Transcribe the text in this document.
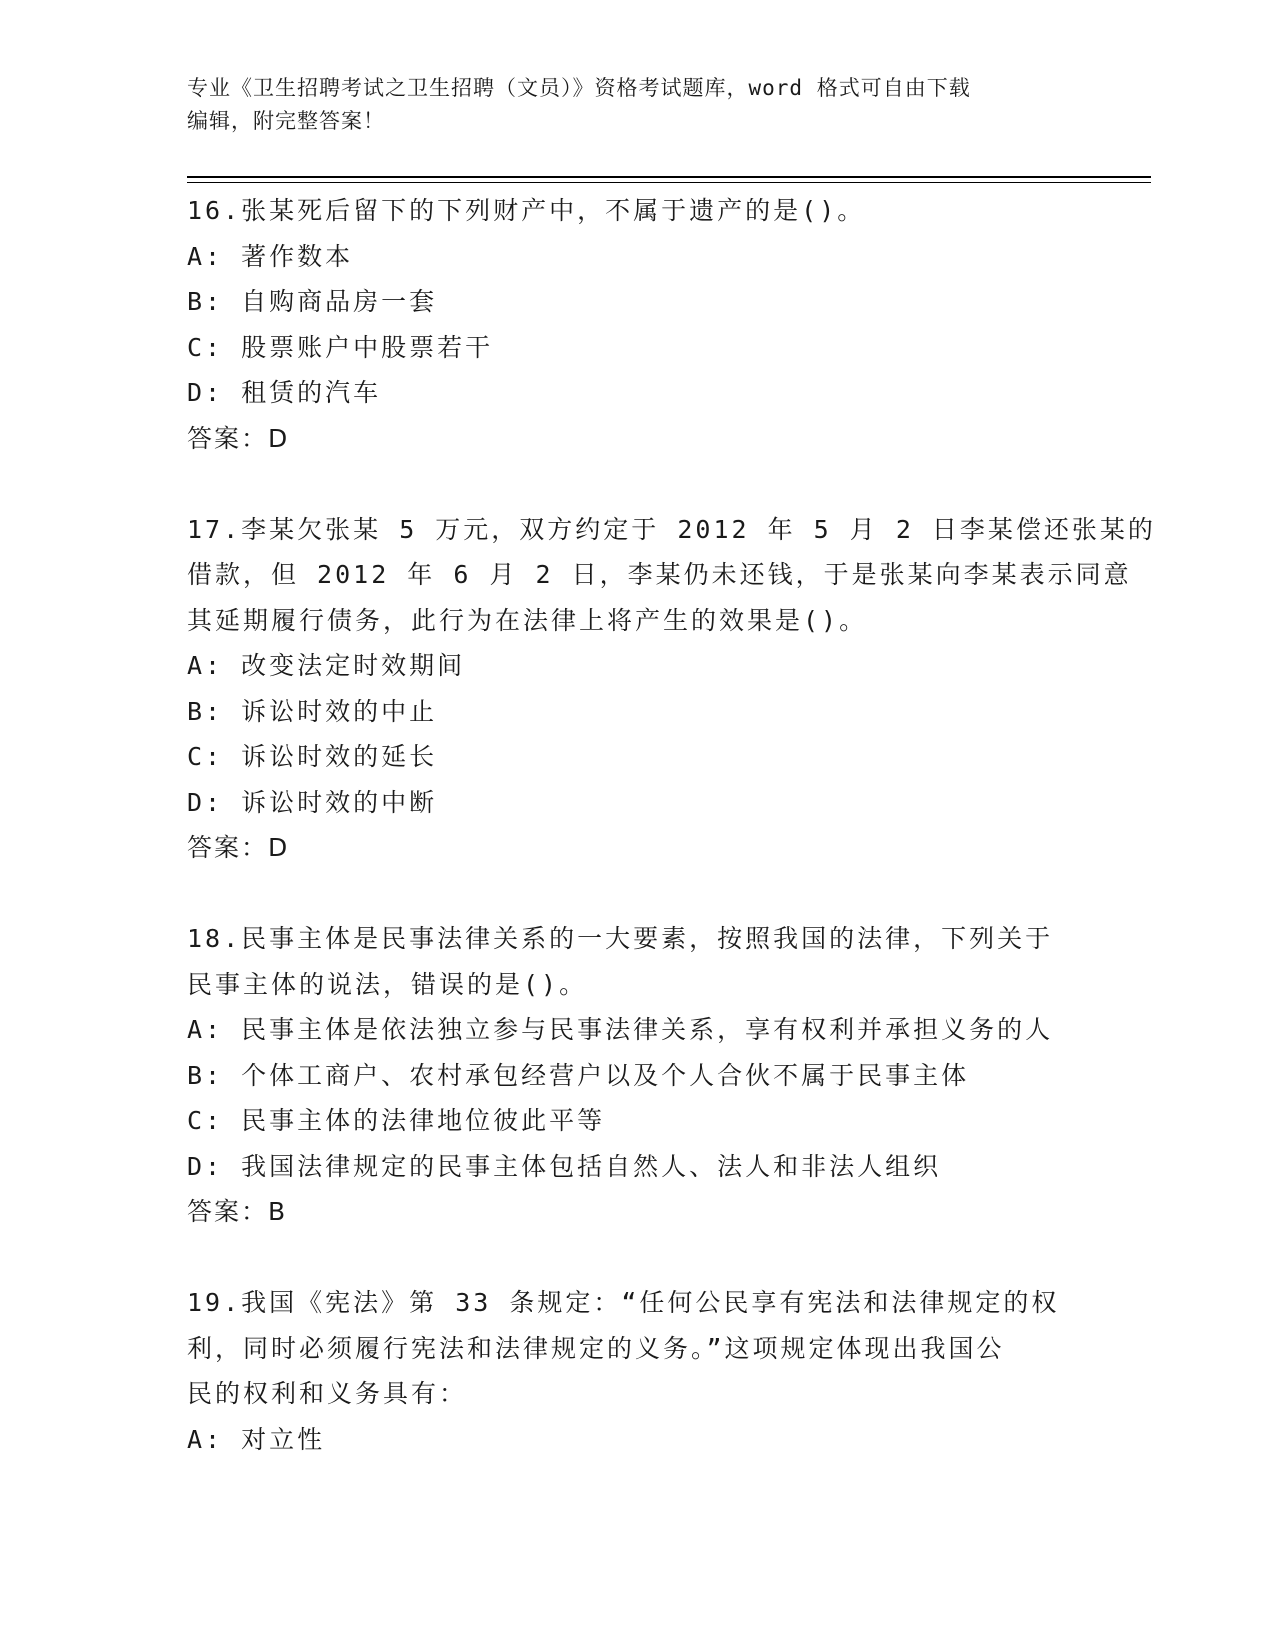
专业《卫生招聘考试之卫生招聘（文员）》资格考试题库，word 格式可自由下载
编辑，附完整答案！
16.张某死后留下的下列财产中，不属于遗产的是()。
A: 著作数本
B: 自购商品房一套
C: 股票账户中股票若干
D: 租赁的汽车
答案：D
17.李某欠张某 5 万元，双方约定于 2012 年 5 月 2 日李某偿还张某的
借款，但 2012 年 6 月 2 日，李某仍未还钱，于是张某向李某表示同意
其延期履行债务，此行为在法律上将产生的效果是()。
A: 改变法定时效期间
B: 诉讼时效的中止
C: 诉讼时效的延长
D: 诉讼时效的中断
答案：D
18.民事主体是民事法律关系的一大要素，按照我国的法律，下列关于
民事主体的说法，错误的是()。
A: 民事主体是依法独立参与民事法律关系，享有权利并承担义务的人
B: 个体工商户、农村承包经营户以及个人合伙不属于民事主体
C: 民事主体的法律地位彼此平等
D: 我国法律规定的民事主体包括自然人、法人和非法人组织
答案：B
19.我国《宪法》第 33 条规定：“任何公民享有宪法和法律规定的权
利，同时必须履行宪法和法律规定的义务。”这项规定体现出我国公
民的权利和义务具有：
A: 对立性
